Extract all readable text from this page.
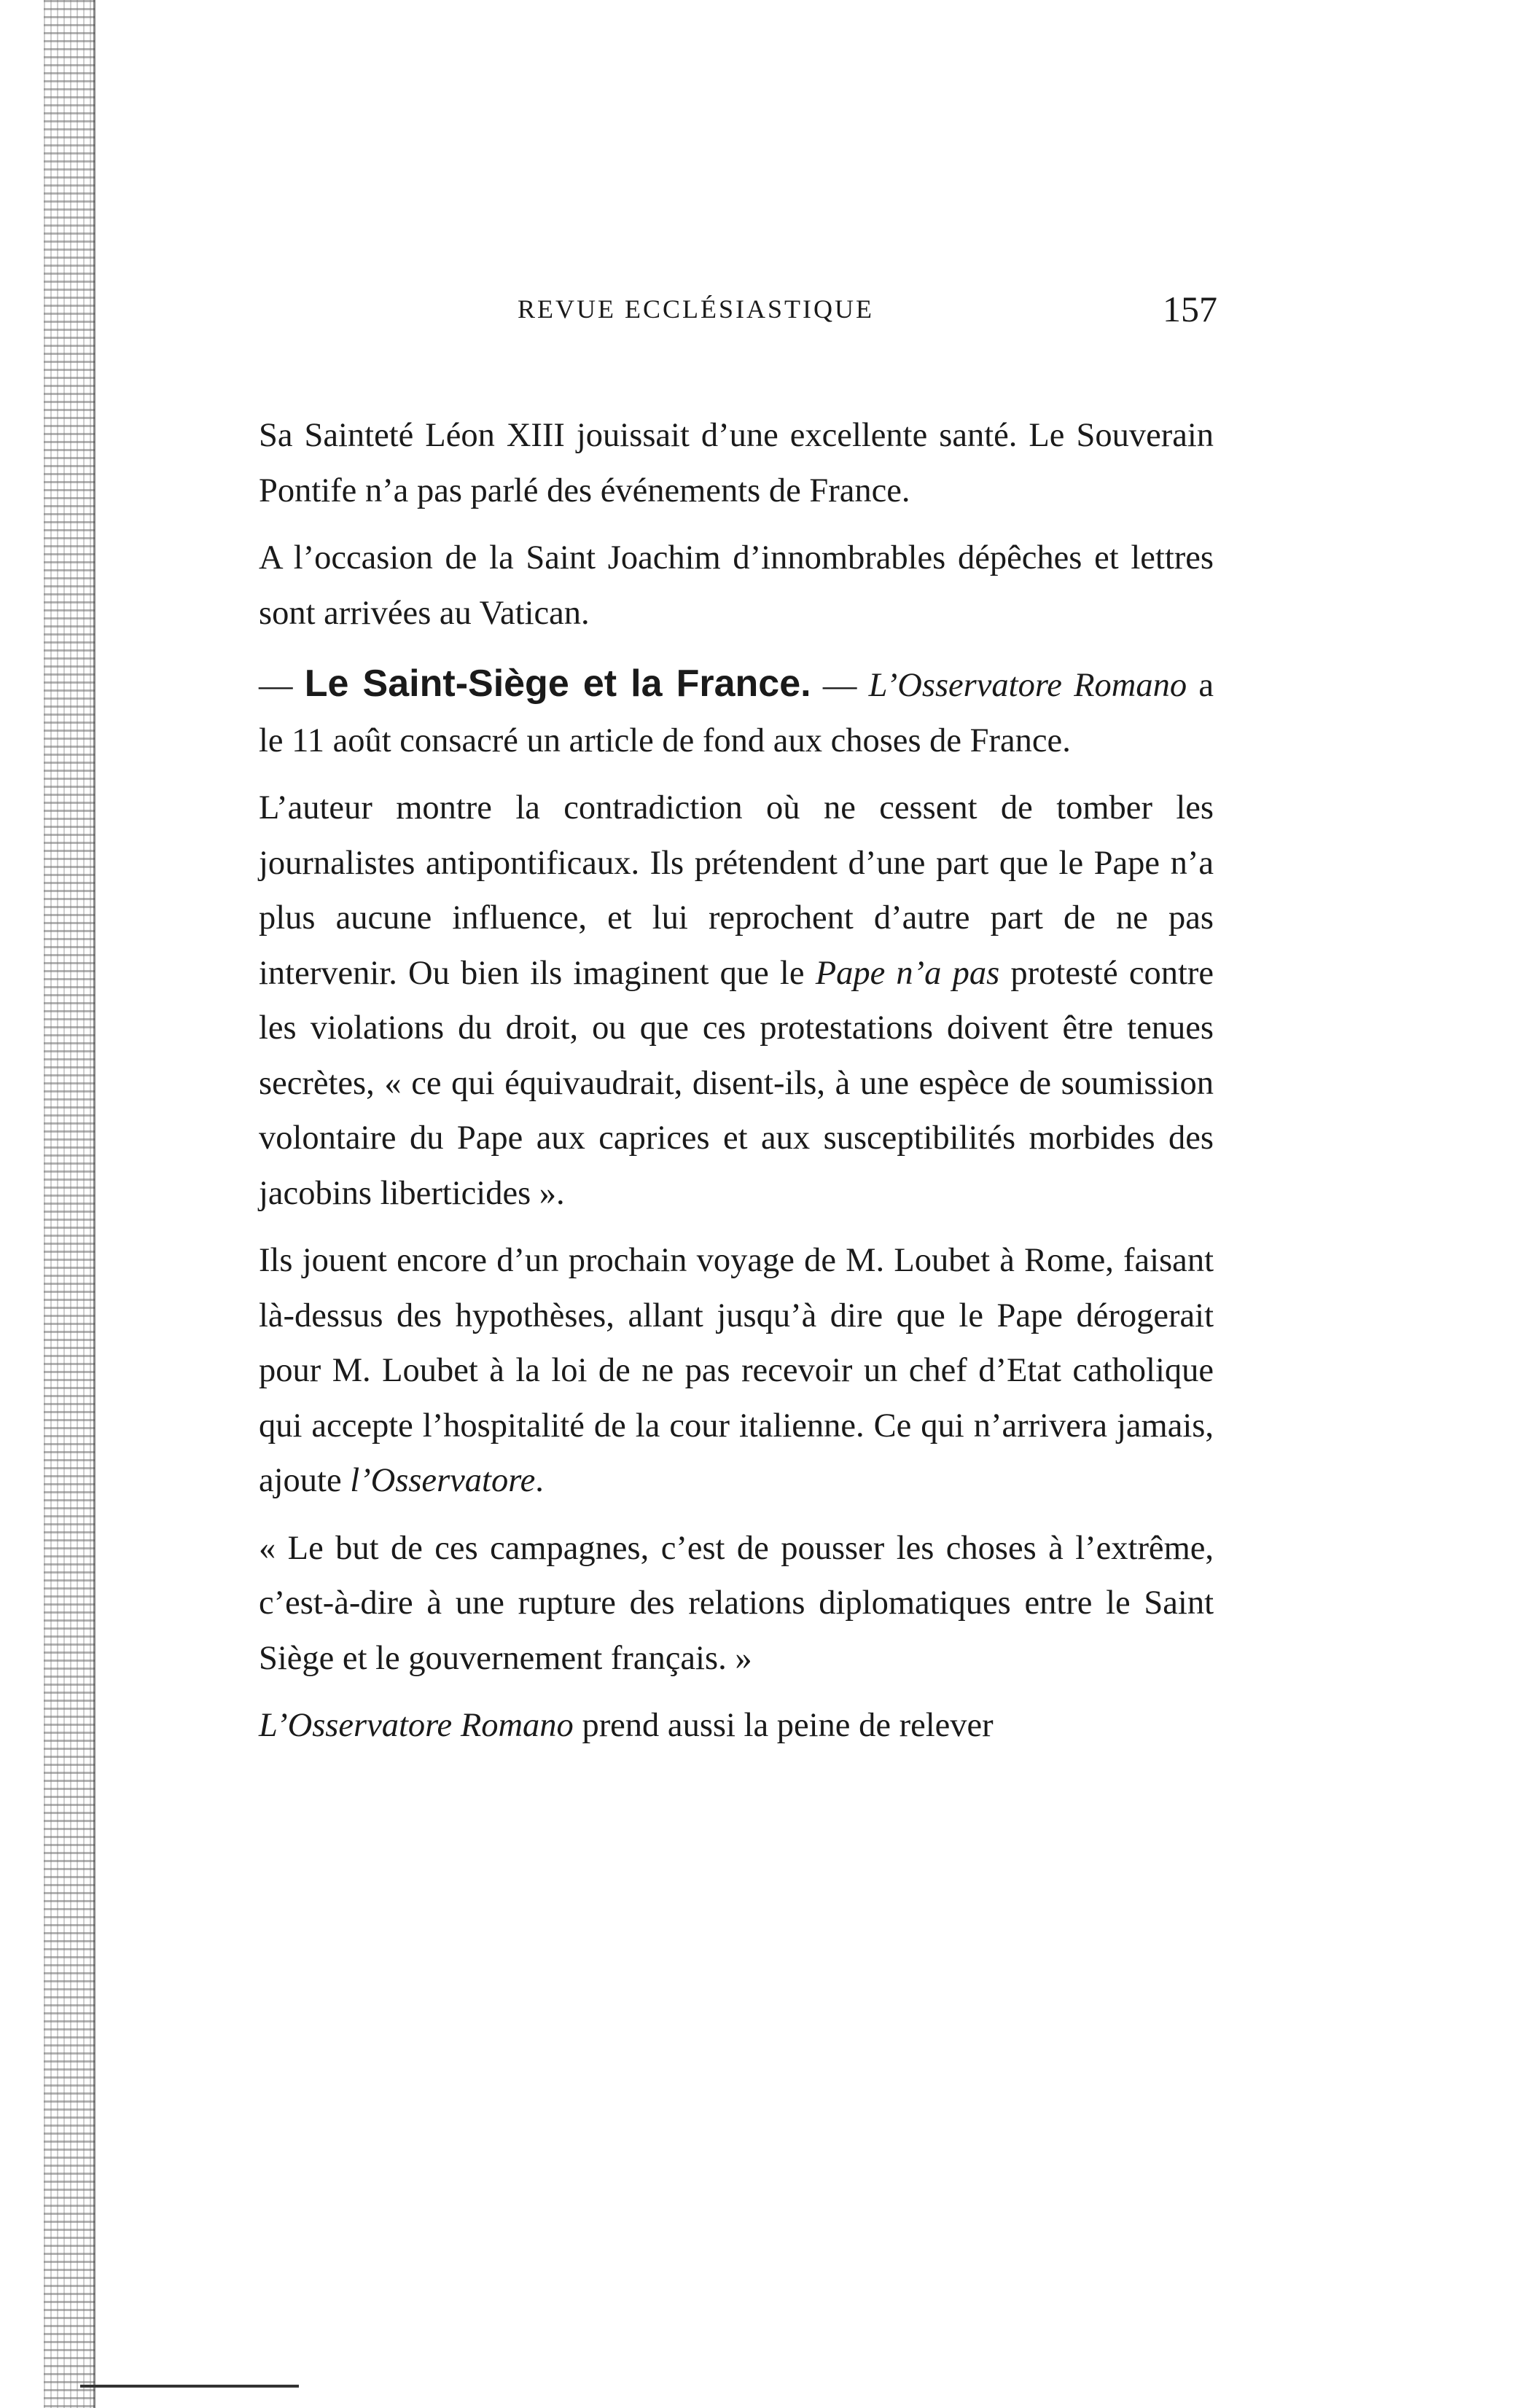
REVUE ECCLÉSIASTIQUE	157

Sa Sainteté Léon XIII jouissait d’une excellente santé. Le Souverain Pontife n’a pas parlé des événements de France.

A l’occasion de la Saint Joachim d’innombrables dépêches et lettres sont arrivées au Vatican.

— Le Saint-Siège et la France. — L’Osservatore Romano a le 11 août consacré un article de fond aux choses de France.

L’auteur montre la contradiction où ne cessent de tomber les journalistes antipontificaux. Ils prétendent d’une part que le Pape n’a plus aucune influence, et lui reprochent d’autre part de ne pas intervenir. Ou bien ils imaginent que le Pape n’a pas protesté contre les violations du droit, ou que ces protestations doivent être tenues secrètes, « ce qui équivaudrait, disent-ils, à une espèce de soumission volontaire du Pape aux caprices et aux susceptibilités morbides des jacobins liberticides ».

Ils jouent encore d’un prochain voyage de M. Loubet à Rome, faisant là-dessus des hypothèses, allant jusqu’à dire que le Pape dérogerait pour M. Loubet à la loi de ne pas recevoir un chef d’Etat catholique qui accepte l’hospitalité de la cour italienne. Ce qui n’arrivera jamais, ajoute l’Osservatore.

« Le but de ces campagnes, c’est de pousser les choses à l’extrême, c’est-à-dire à une rupture des relations diplomatiques entre le Saint Siège et le gouvernement français. »

L’Osservatore Romano prend aussi la peine de relever
